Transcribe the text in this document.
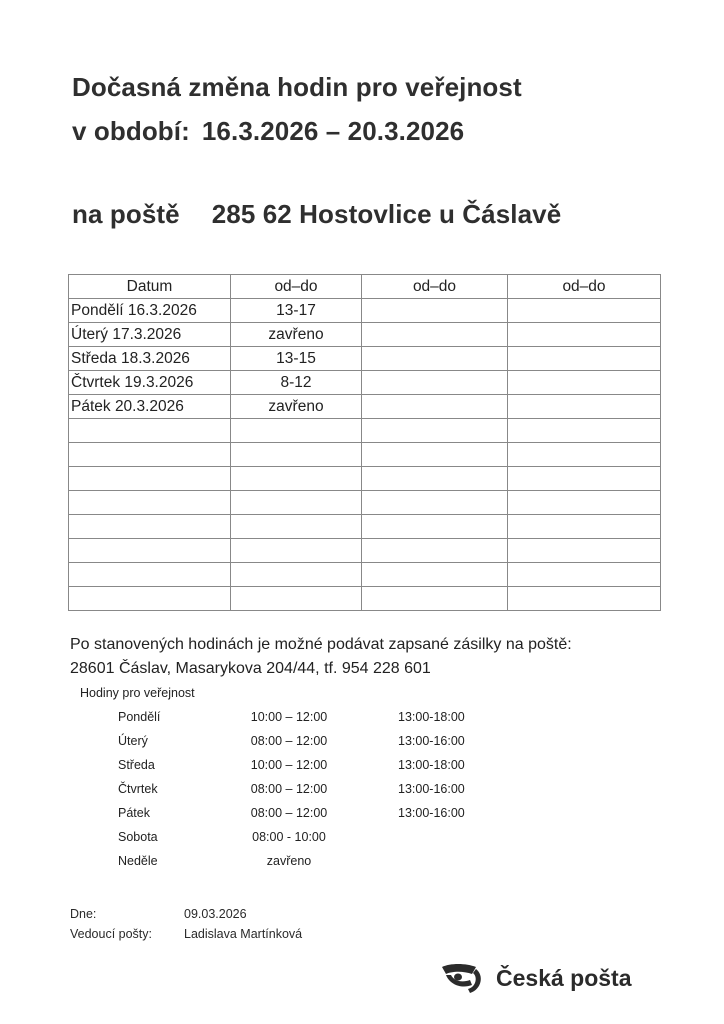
Dočasná změna hodin pro veřejnost
v období: 16.3.2026 – 20.3.2026
na poště 285 62 Hostovlice u Čáslavě
Datum	od–do	od–do	od–do
Pondělí 16.3.2026	13-17		
Úterý 17.3.2026	zavřeno		
Středa 18.3.2026	13-15		
Čtvrtek 19.3.2026	8-12		
Pátek 20.3.2026	zavřeno		

Po stanovených hodinách je možné podávat zapsané zásilky na poště:
28601 Čáslav, Masarykova 204/44, tf. 954 228 601
Hodiny pro veřejnost
Pondělí	10:00 – 12:00	13:00-18:00
Úterý	08:00 – 12:00	13:00-16:00
Středa	10:00 – 12:00	13:00-18:00
Čtvrtek	08:00 – 12:00	13:00-16:00
Pátek	08:00 – 12:00	13:00-16:00
Sobota	08:00 - 10:00
Neděle	zavřeno
Dne:	09.03.2026
Vedoucí pošty:	Ladislava Martínková
Česká pošta
